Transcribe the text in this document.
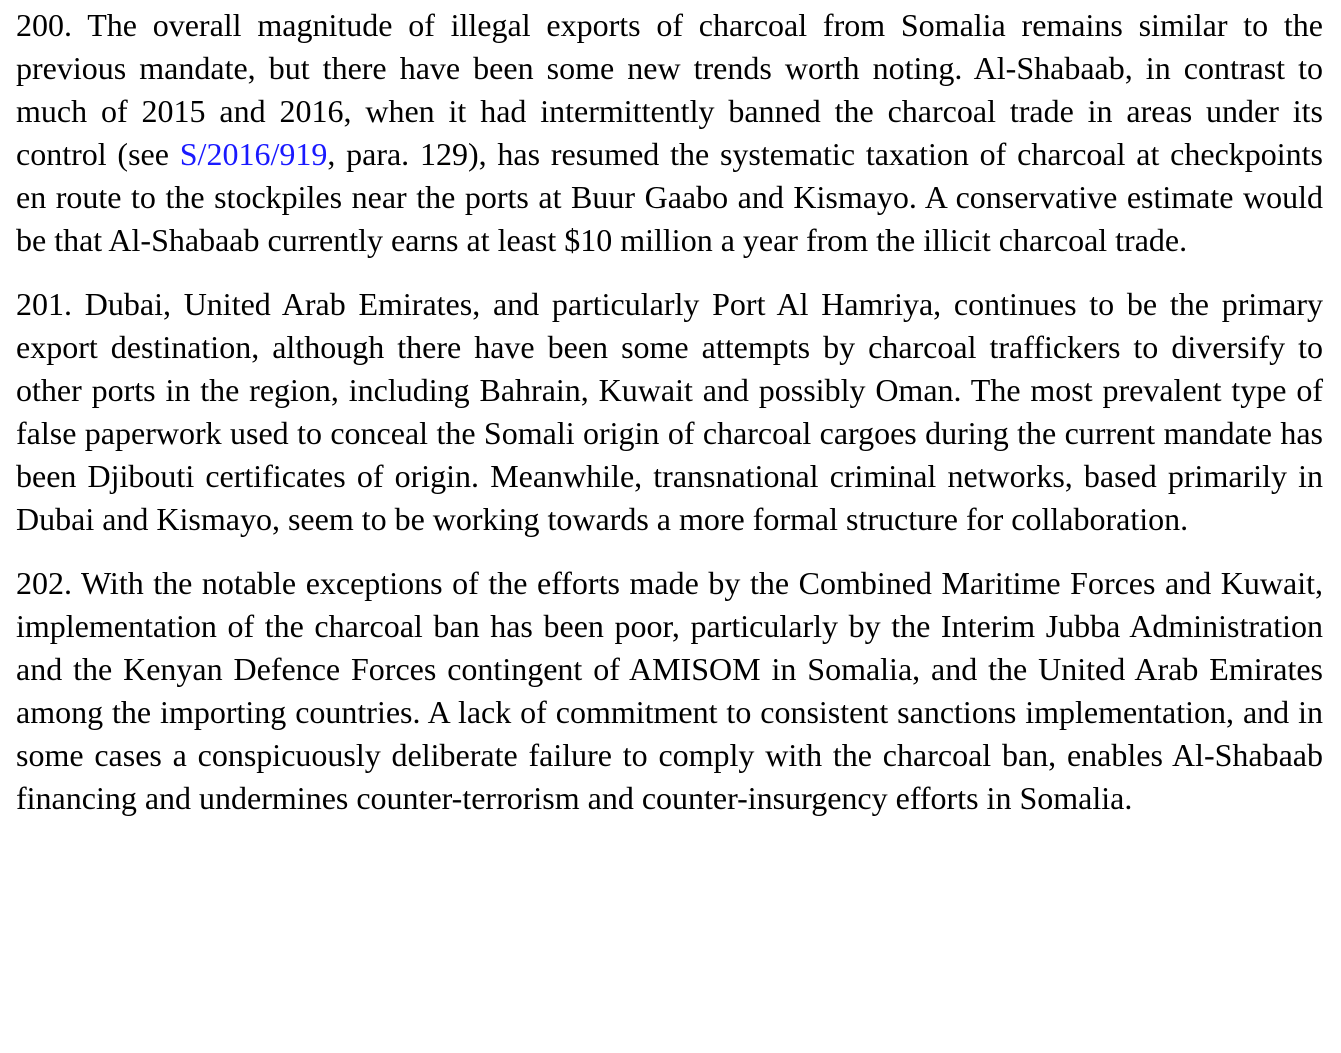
200. The overall magnitude of illegal exports of charcoal from Somalia remains similar to the previous mandate, but there have been some new trends worth noting. Al-Shabaab, in contrast to much of 2015 and 2016, when it had intermittently banned the charcoal trade in areas under its control (see S/2016/919, para. 129), has resumed the systematic taxation of charcoal at checkpoints en route to the stockpiles near the ports at Buur Gaabo and Kismayo. A conservative estimate would be that Al-Shabaab currently earns at least $10 million a year from the illicit charcoal trade.

201. Dubai, United Arab Emirates, and particularly Port Al Hamriya, continues to be the primary export destination, although there have been some attempts by charcoal traffickers to diversify to other ports in the region, including Bahrain, Kuwait and possibly Oman. The most prevalent type of false paperwork used to conceal the Somali origin of charcoal cargoes during the current mandate has been Djibouti certificates of origin. Meanwhile, transnational criminal networks, based primarily in Dubai and Kismayo, seem to be working towards a more formal structure for collaboration.

202. With the notable exceptions of the efforts made by the Combined Maritime Forces and Kuwait, implementation of the charcoal ban has been poor, particularly by the Interim Jubba Administration and the Kenyan Defence Forces contingent of AMISOM in Somalia, and the United Arab Emirates among the importing countries. A lack of commitment to consistent sanctions implementation, and in some cases a conspicuously deliberate failure to comply with the charcoal ban, enables Al-Shabaab financing and undermines counter-terrorism and counter-insurgency efforts in Somalia.
